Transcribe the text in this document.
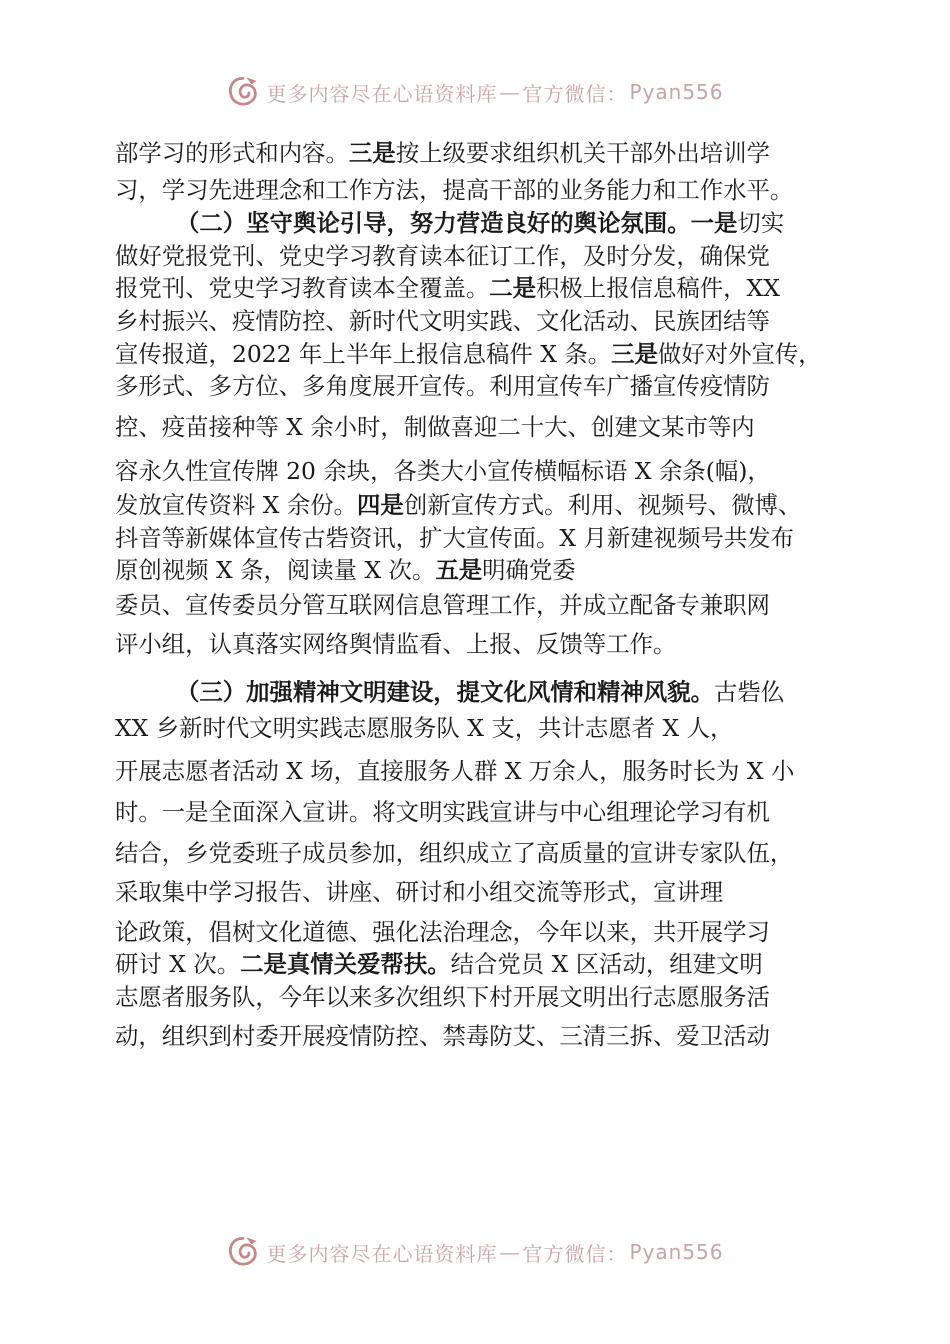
更多内容尽在心语资料库 — 官方微信： Pyan556
部学习的形式和内容。三是按上级要求组织机关干部外出培训学
习，学习先进理念和工作方法，提高干部的业务能力和工作水平。
（二）坚守舆论引导，努力营造良好的舆论氛围。一是切实
做好党报党刊、党史学习教育读本征订工作，及时分发，确保党
报党刊、党史学习教育读本全覆盖。二是积极上报信息稿件，XX
乡村振兴、疫情防控、新时代文明实践、文化活动、民族团结等
宣传报道，2022 年上半年上报信息稿件 X 条。三是做好对外宣传，
多形式、多方位、多角度展开宣传。利用宣传车广播宣传疫情防
控、疫苗接种等 X 余小时，制做喜迎二十大、创建文某市等内
容永久性宣传牌 20 余块，各类大小宣传横幅标语 X 余条(幅)，
发放宣传资料 X 余份。四是创新宣传方式。利用、视频号、微博、
抖音等新媒体宣传古砦资讯，扩大宣传面。X 月新建视频号共发布
原创视频 X 条，阅读量 X 次。五是明确党委
委员、宣传委员分管互联网信息管理工作，并成立配备专兼职网
评小组，认真落实网络舆情监看、上报、反馈等工作。
（三）加强精神文明建设，提文化风情和精神风貌。古砦仫
XX 乡新时代文明实践志愿服务队 X 支，共计志愿者 X 人，
开展志愿者活动 X 场，直接服务人群 X 万余人，服务时长为 X 小
时。一是全面深入宣讲。将文明实践宣讲与中心组理论学习有机
结合，乡党委班子成员参加，组织成立了高质量的宣讲专家队伍，
采取集中学习报告、讲座、研讨和小组交流等形式，宣讲理
论政策，倡树文化道德、强化法治理念，今年以来，共开展学习
研讨 X 次。二是真情关爱帮扶。结合党员 X 区活动，组建文明
志愿者服务队，今年以来多次组织下村开展文明出行志愿服务活
动，组织到村委开展疫情防控、禁毒防艾、三清三拆、爱卫活动
更多内容尽在心语资料库 — 官方微信： Pyan556
